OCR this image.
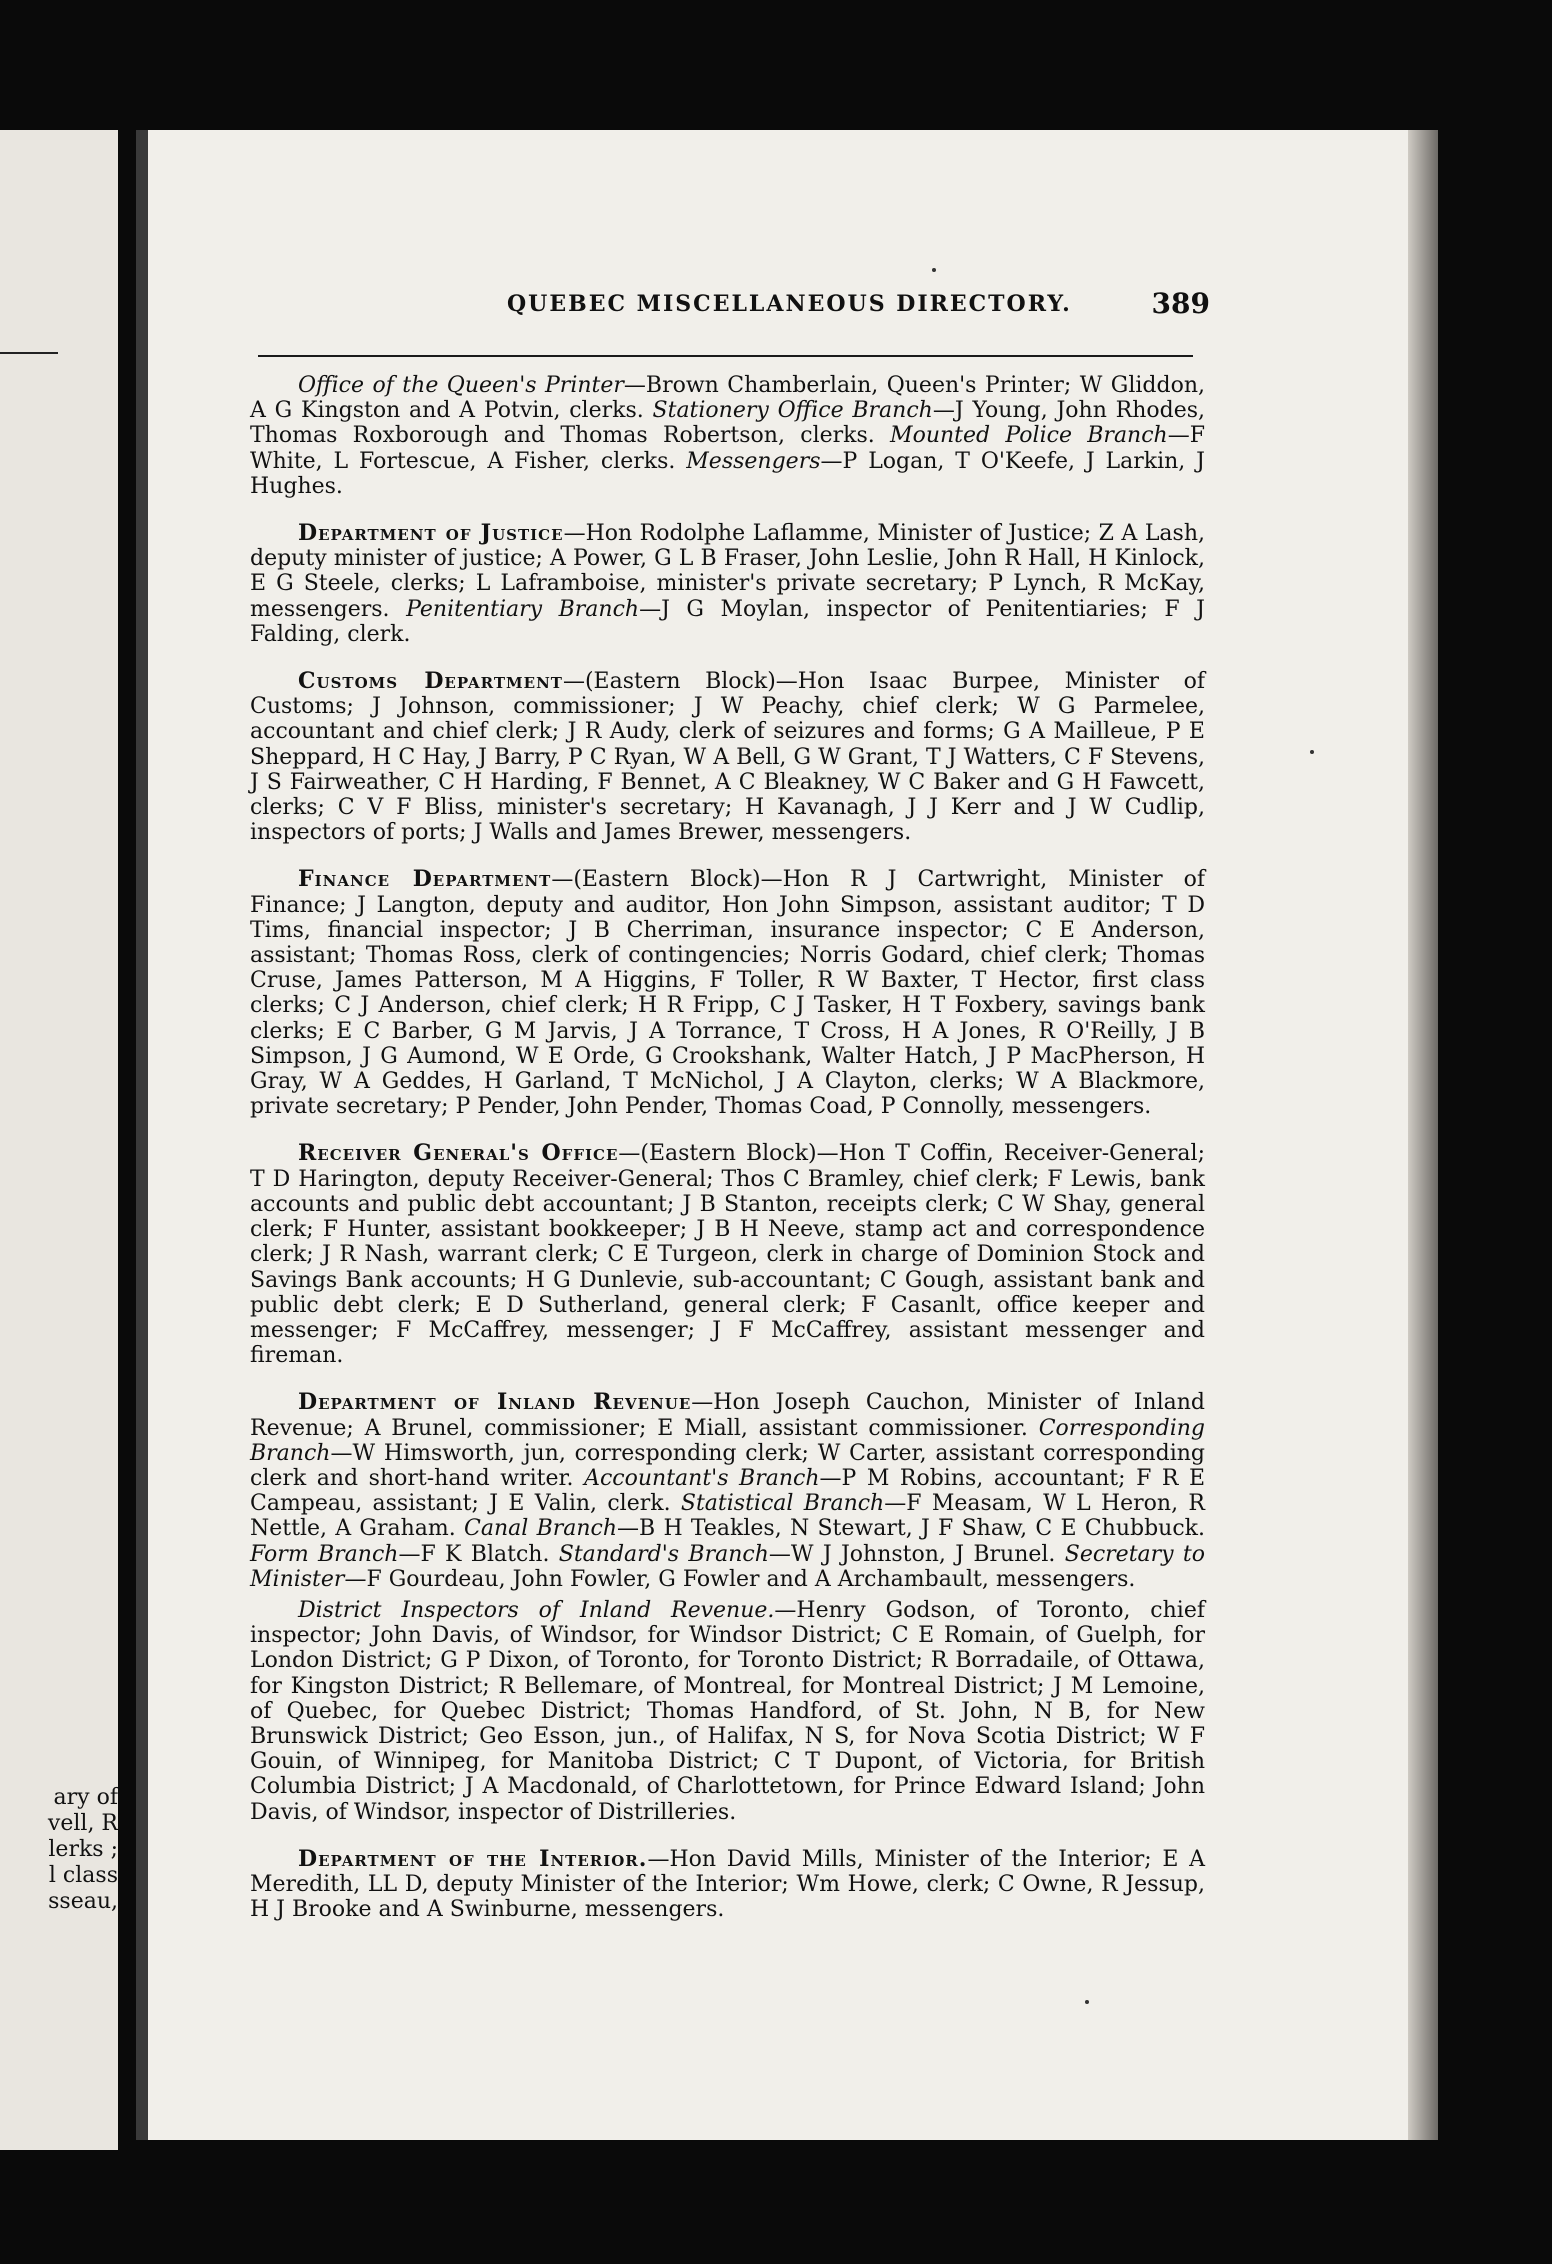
ary of
vell, R
lerks ;
l class
sseau,
QUEBEC MISCELLANEOUS DIRECTORY.	389

Office of the Queen's Printer—Brown Chamberlain, Queen's Printer; W Gliddon, A G Kingston and A Potvin, clerks. Stationery Office Branch—J Young, John Rhodes, Thomas Roxborough and Thomas Robertson, clerks. Mounted Police Branch—F White, L Fortescue, A Fisher, clerks. Messengers—P Logan, T O'Keefe, J Larkin, J Hughes.

Department of Justice—Hon Rodolphe Laflamme, Minister of Justice; Z A Lash, deputy minister of justice; A Power, G L B Fraser, John Leslie, John R Hall, H Kinlock, E G Steele, clerks; L Laframboise, minister's private secretary; P Lynch, R McKay, messengers. Penitentiary Branch—J G Moylan, inspector of Penitentiaries; F J Falding, clerk.

Customs Department—(Eastern Block)—Hon Isaac Burpee, Minister of Customs; J Johnson, commissioner; J W Peachy, chief clerk; W G Parmelee, accountant and chief clerk; J R Audy, clerk of seizures and forms; G A Mailleue, P E Sheppard, H C Hay, J Barry, P C Ryan, W A Bell, G W Grant, T J Watters, C F Stevens, J S Fairweather, C H Harding, F Bennet, A C Bleakney, W C Baker and G H Fawcett, clerks; C V F Bliss, minister's secretary; H Kavanagh, J J Kerr and J W Cudlip, inspectors of ports; J Walls and James Brewer, messengers.

Finance Department—(Eastern Block)—Hon R J Cartwright, Minister of Finance; J Langton, deputy and auditor, Hon John Simpson, assistant auditor; T D Tims, financial inspector; J B Cherriman, insurance inspector; C E Anderson, assistant; Thomas Ross, clerk of contingencies; Norris Godard, chief clerk; Thomas Cruse, James Patterson, M A Higgins, F Toller, R W Baxter, T Hector, first class clerks; C J Anderson, chief clerk; H R Fripp, C J Tasker, H T Foxbery, savings bank clerks; E C Barber, G M Jarvis, J A Torrance, T Cross, H A Jones, R O'Reilly, J B Simpson, J G Aumond, W E Orde, G Crookshank, Walter Hatch, J P MacPherson, H Gray, W A Geddes, H Garland, T McNichol, J A Clayton, clerks; W A Blackmore, private secretary; P Pender, John Pender, Thomas Coad, P Connolly, messengers.

Receiver General's Office—(Eastern Block)—Hon T Coffin, Receiver-General; T D Harington, deputy Receiver-General; Thos C Bramley, chief clerk; F Lewis, bank accounts and public debt accountant; J B Stanton, receipts clerk; C W Shay, general clerk; F Hunter, assistant bookkeeper; J B H Neeve, stamp act and correspondence clerk; J R Nash, warrant clerk; C E Turgeon, clerk in charge of Dominion Stock and Savings Bank accounts; H G Dunlevie, sub-accountant; C Gough, assistant bank and public debt clerk; E D Sutherland, general clerk; F Casanlt, office keeper and messenger; F McCaffrey, messenger; J F McCaffrey, assistant messenger and fireman.

Department of Inland Revenue—Hon Joseph Cauchon, Minister of Inland Revenue; A Brunel, commissioner; E Miall, assistant commissioner. Corresponding Branch—W Himsworth, jun, corresponding clerk; W Carter, assistant corresponding clerk and short-hand writer. Accountant's Branch—P M Robins, accountant; F R E Campeau, assistant; J E Valin, clerk. Statistical Branch—F Measam, W L Heron, R Nettle, A Graham. Canal Branch—B H Teakles, N Stewart, J F Shaw, C E Chubbuck. Form Branch—F K Blatch. Standard's Branch—W J Johnston, J Brunel. Secretary to Minister—F Gourdeau, John Fowler, G Fowler and A Archambault, messengers.

District Inspectors of Inland Revenue.—Henry Godson, of Toronto, chief inspector; John Davis, of Windsor, for Windsor District; C E Romain, of Guelph, for London District; G P Dixon, of Toronto, for Toronto District; R Borradaile, of Ottawa, for Kingston District; R Bellemare, of Montreal, for Montreal District; J M Lemoine, of Quebec, for Quebec District; Thomas Handford, of St. John, N B, for New Brunswick District; Geo Esson, jun., of Halifax, N S, for Nova Scotia District; W F Gouin, of Winnipeg, for Manitoba District; C T Dupont, of Victoria, for British Columbia District; J A Macdonald, of Charlottetown, for Prince Edward Island; John Davis, of Windsor, inspector of Distrilleries.

Department of the Interior.—Hon David Mills, Minister of the Interior; E A Meredith, LL D, deputy Minister of the Interior; Wm Howe, clerk; C Owne, R Jessup, H J Brooke and A Swinburne, messengers.
